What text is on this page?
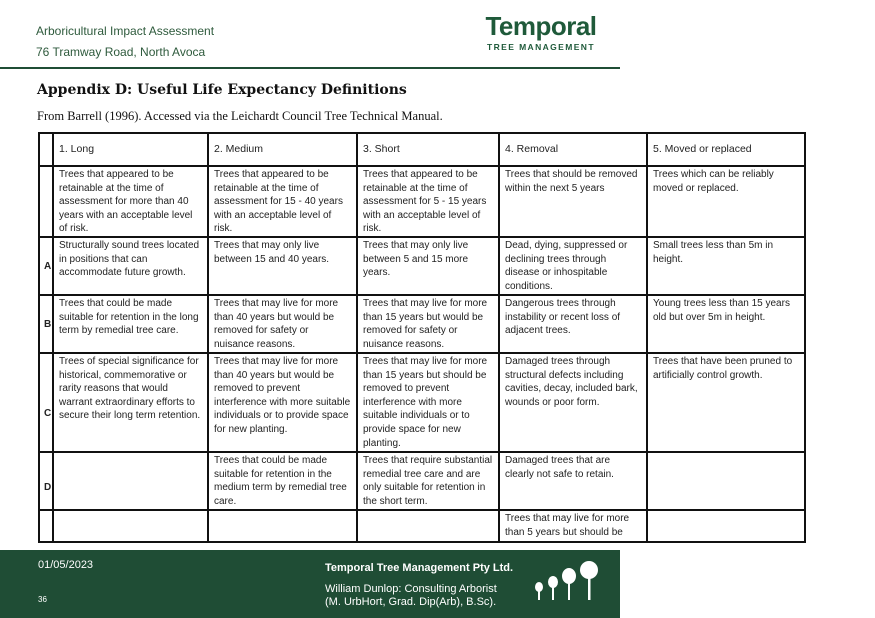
Arboricultural Impact Assessment
76 Tramway Road, North Avoca
Temporal
TREE MANAGEMENT
Appendix D: Useful Life Expectancy Definitions
From Barrell (1996). Accessed via the Leichardt Council Tree Technical Manual.
	1. Long	2. Medium	3. Short	4. Removal	5. Moved or replaced

	Trees that appeared to be retainable at the time of assessment for more than 40 years with an acceptable level of risk.	Trees that appeared to be retainable at the time of assessment for 15 - 40 years with an acceptable level of risk.	Trees that appeared to be retainable at the time of assessment for 5 - 15 years with an acceptable level of risk.	Trees that should be removed within the next 5 years	Trees which can be reliably moved or replaced.

A	Structurally sound trees located in positions that can accommodate future growth.	Trees that may only live between 15 and 40 years.	Trees that may only live between 5 and 15 more years.	Dead, dying, suppressed or declining trees through disease or inhospitable conditions.	Small trees less than 5m in height.

B	Trees that could be made suitable for retention in the long term by remedial tree care.	Trees that may live for more than 40 years but would be removed for safety or nuisance reasons.	Trees that may live for more than 15 years but would be removed for safety or nuisance reasons.	Dangerous trees through instability or recent loss of adjacent trees.	Young trees less than 15 years old but over 5m in height.

C	Trees of special significance for historical, commemorative or rarity reasons that would warrant extraordinary efforts to secure their long term retention.	Trees that may live for more than 40 years but would be removed to prevent interference with more suitable individuals or to provide space for new planting.	Trees that may live for more than 15 years but should be removed to prevent interference with more suitable individuals or to provide space for new planting.	Damaged trees through structural defects including cavities, decay, included bark, wounds or poor form.	Trees that have been pruned to artificially control growth.

D		Trees that could be made suitable for retention in the medium term by remedial tree care.	Trees that require substantial remedial tree care and are only suitable for retention in the short term.	Damaged trees that are clearly not safe to retain.	

				Trees that may live for more than 5 years but should be	
01/05/2023
36
Temporal Tree Management Pty Ltd.
William Dunlop: Consulting Arborist
(M. UrbHort, Grad. Dip(Arb), B.Sc).
